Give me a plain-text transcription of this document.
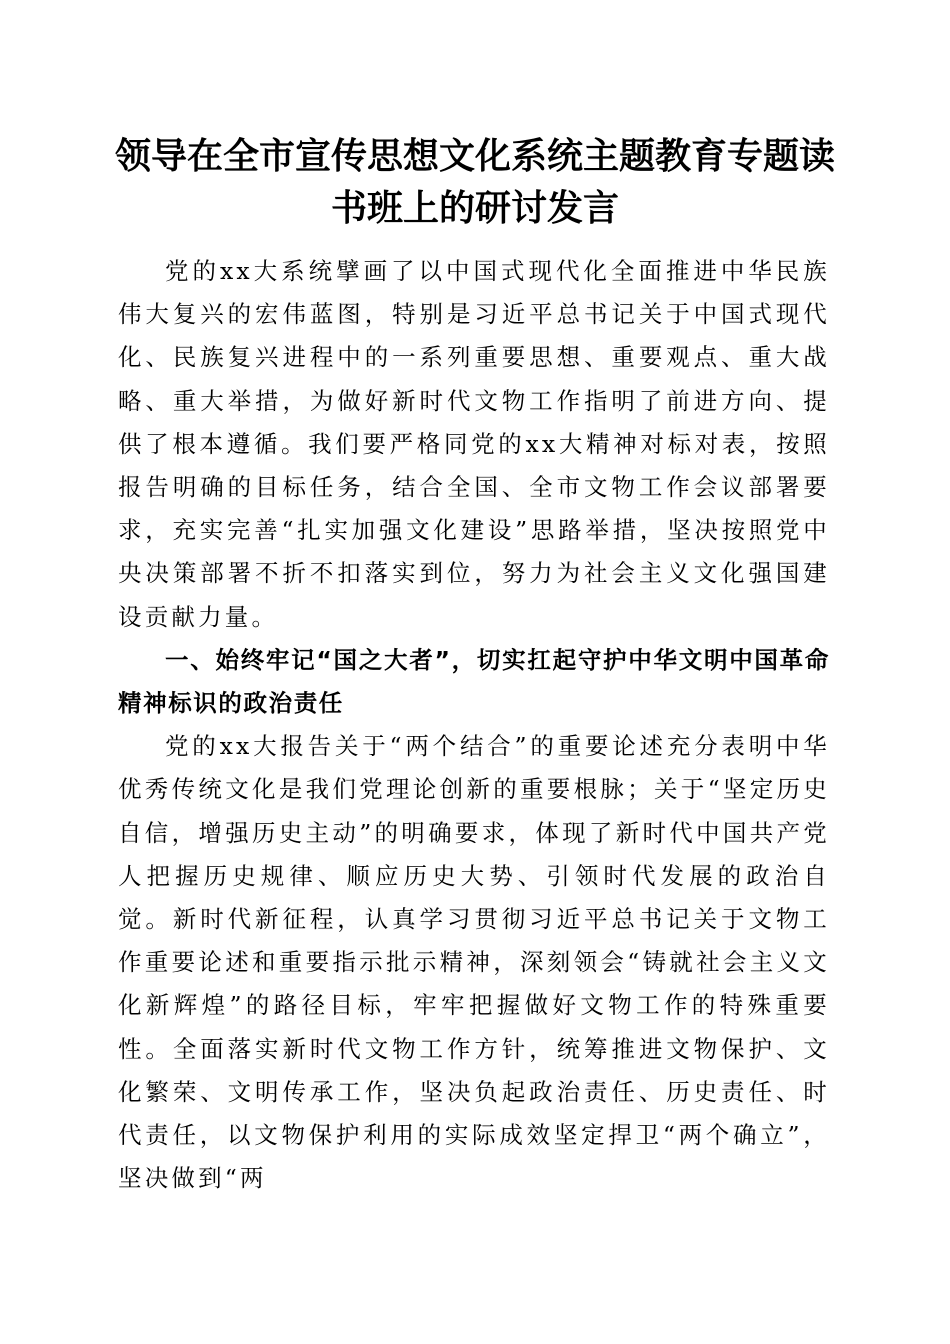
领导在全市宣传思想文化系统主题教育专题读书班上的研讨发言

党的xx大系统擘画了以中国式现代化全面推进中华民族伟大复兴的宏伟蓝图，特别是习近平总书记关于中国式现代化、民族复兴进程中的一系列重要思想、重要观点、重大战略、重大举措，为做好新时代文物工作指明了前进方向、提供了根本遵循。我们要严格同党的xx大精神对标对表，按照报告明确的目标任务，结合全国、全市文物工作会议部署要求，充实完善“扎实加强文化建设”思路举措，坚决按照党中央决策部署不折不扣落实到位，努力为社会主义文化强国建设贡献力量。

一、始终牢记“国之大者”，切实扛起守护中华文明中国革命精神标识的政治责任

党的xx大报告关于“两个结合”的重要论述充分表明中华优秀传统文化是我们党理论创新的重要根脉；关于“坚定历史自信，增强历史主动”的明确要求，体现了新时代中国共产党人把握历史规律、顺应历史大势、引领时代发展的政治自觉。新时代新征程，认真学习贯彻习近平总书记关于文物工作重要论述和重要指示批示精神，深刻领会“铸就社会主义文化新辉煌”的路径目标，牢牢把握做好文物工作的特殊重要性。全面落实新时代文物工作方针，统筹推进文物保护、文化繁荣、文明传承工作，坚决负起政治责任、历史责任、时代责任，以文物保护利用的实际成效坚定捍卫“两个确立”，坚决做到“两
